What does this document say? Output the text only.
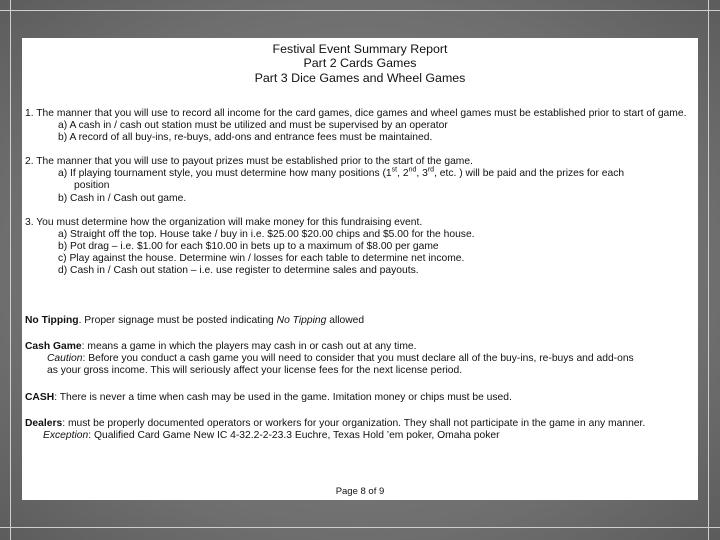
Festival Event Summary Report
Part 2 Cards Games
Part 3 Dice Games and Wheel Games

1. The manner that you will use to record all income for the card games, dice games and wheel games must be established prior to start of game.

a) A cash in / cash out station must be utilized and must be supervised by an operator

b) A record of all buy-ins, re-buys, add-ons and entrance fees must be maintained.

2. The manner that you will use to payout prizes must be established prior to the start of the game.

a) If playing tournament style, you must determine how many positions (1st, 2nd, 3rd, etc. ) will be paid and the prizes for each

position

b) Cash in / Cash out game.

3. You must determine how the organization will make money for this fundraising event.

a) Straight off the top. House take / buy in i.e. $25.00 $20.00 chips and $5.00 for the house.

b) Pot drag – i.e. $1.00 for each $10.00 in bets up to a maximum of $8.00 per game

c) Play against the house. Determine win / losses for each table to determine net income.

d) Cash in / Cash out station – i.e. use register to determine sales and payouts.

No Tipping. Proper signage must be posted indicating No Tipping allowed

Cash Game: means a game in which the players may cash in or cash out at any time.

Caution: Before you conduct a cash game you will need to consider that you must declare all of the buy-ins, re-buys and add-ons

as your gross income. This will seriously affect your license fees for the next license period.

CASH: There is never a time when cash may be used in the game. Imitation money or chips must be used.

Dealers: must be properly documented operators or workers for your organization. They shall not participate in the game in any manner.

Exception: Qualified Card Game New IC 4-32.2-2-23.3 Euchre, Texas Hold ’em poker, Omaha poker

Page 8 of 9
